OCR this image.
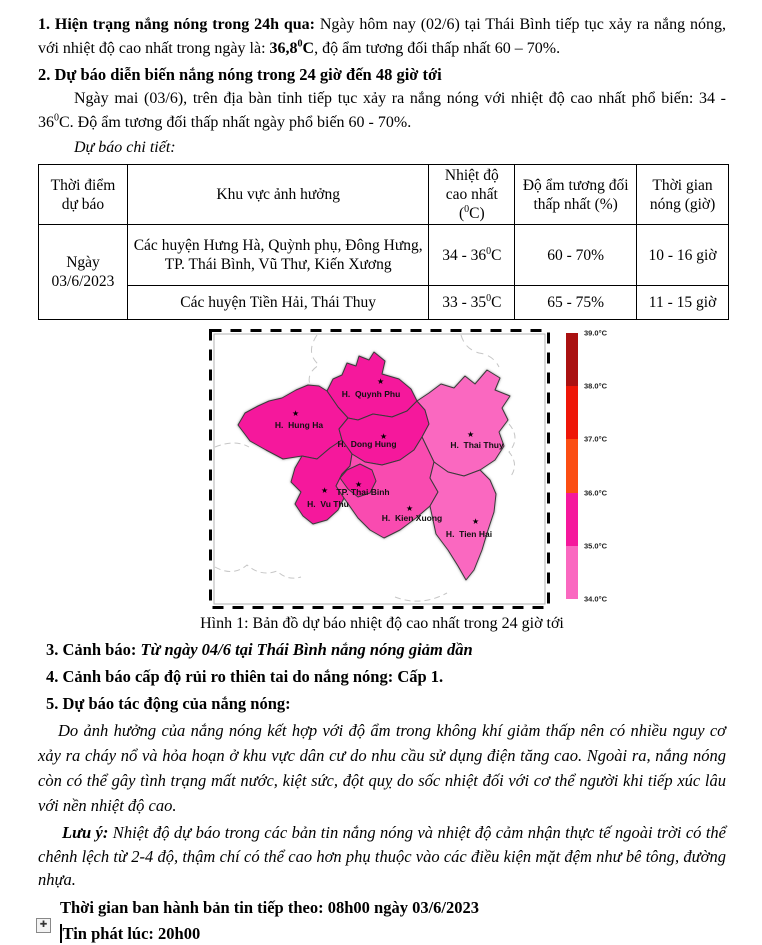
1. Hiện trạng nắng nóng trong 24h qua: Ngày hôm nay (02/6) tại Thái Bình tiếp tục xảy ra nắng nóng, với nhiệt độ cao nhất trong ngày là: 36,8$^0$C, độ ẩm tương đối thấp nhất 60 – 70%.

2. Dự báo diễn biến nắng nóng trong 24 giờ đến 48 giờ tới

Ngày mai (03/6), trên địa bàn tỉnh tiếp tục xảy ra nắng nóng với nhiệt độ cao nhất phổ biến: $34 - 36^0C$. Độ ẩm tương đối thấp nhất ngày phổ biến 60 - 70%.

Dự báo chi tiết:

Thời điểm dự báo	Khu vực ảnh hưởng	Nhiệt độ cao nhất ($^0$C)	Độ ẩm tương đối thấp nhất (%)	Thời gian nóng (giờ)
Ngày 03/6/2023	Các huyện Hưng Hà, Quỳnh phụ, Đông Hưng, TP. Thái Bình, Vũ Thư, Kiến Xương	$34 - 36^0C$	60 - 70%	10 - 16 giờ
	Các huyện Tiền Hải, Thái Thuy	$33 - 35^0C$	65 - 75%	11 - 15 giờ
★
★
★	★
★
★
★
★
H.  Quynh Phu
H.  Hung Ha
H.  Dong Hung	H.  Thai Thuy
TP. Thai Binh
H.  Vu Thu
H.  Kien Xuong
H.  Tien Hai
39.0°C
38.0°C
37.0°C
36.0°C
35.0°C
34.0°C

Hình 1: Bản đồ dự báo nhiệt độ cao nhất trong 24 giờ tới

3. Cảnh báo: Từ ngày 04/6 tại Thái Bình nắng nóng giảm dần

4. Cảnh báo cấp độ rủi ro thiên tai do nắng nóng: Cấp 1.

5. Dự báo tác động của nắng nóng:

Do ảnh hưởng của nắng nóng kết hợp với độ ẩm trong không khí giảm thấp nên có nhiều nguy cơ xảy ra cháy nổ và hỏa hoạn ở khu vực dân cư do nhu cầu sử dụng điện tăng cao. Ngoài ra, nắng nóng còn có thể gây tình trạng mất nước, kiệt sức, đột quỵ do sốc nhiệt đối với cơ thể người khi tiếp xúc lâu với nền nhiệt độ cao.

Lưu ý: Nhiệt độ dự báo trong các bản tin nắng nóng và nhiệt độ cảm nhận thực tế ngoài trời có thể chênh lệch từ 2-4 độ, thậm chí có thể cao hơn phụ thuộc vào các điều kiện mặt đệm như bê tông, đường nhựa.

Thời gian ban hành bản tin tiếp theo: 08h00 ngày 03/6/2023

Tin phát lúc: 20h00

✚
